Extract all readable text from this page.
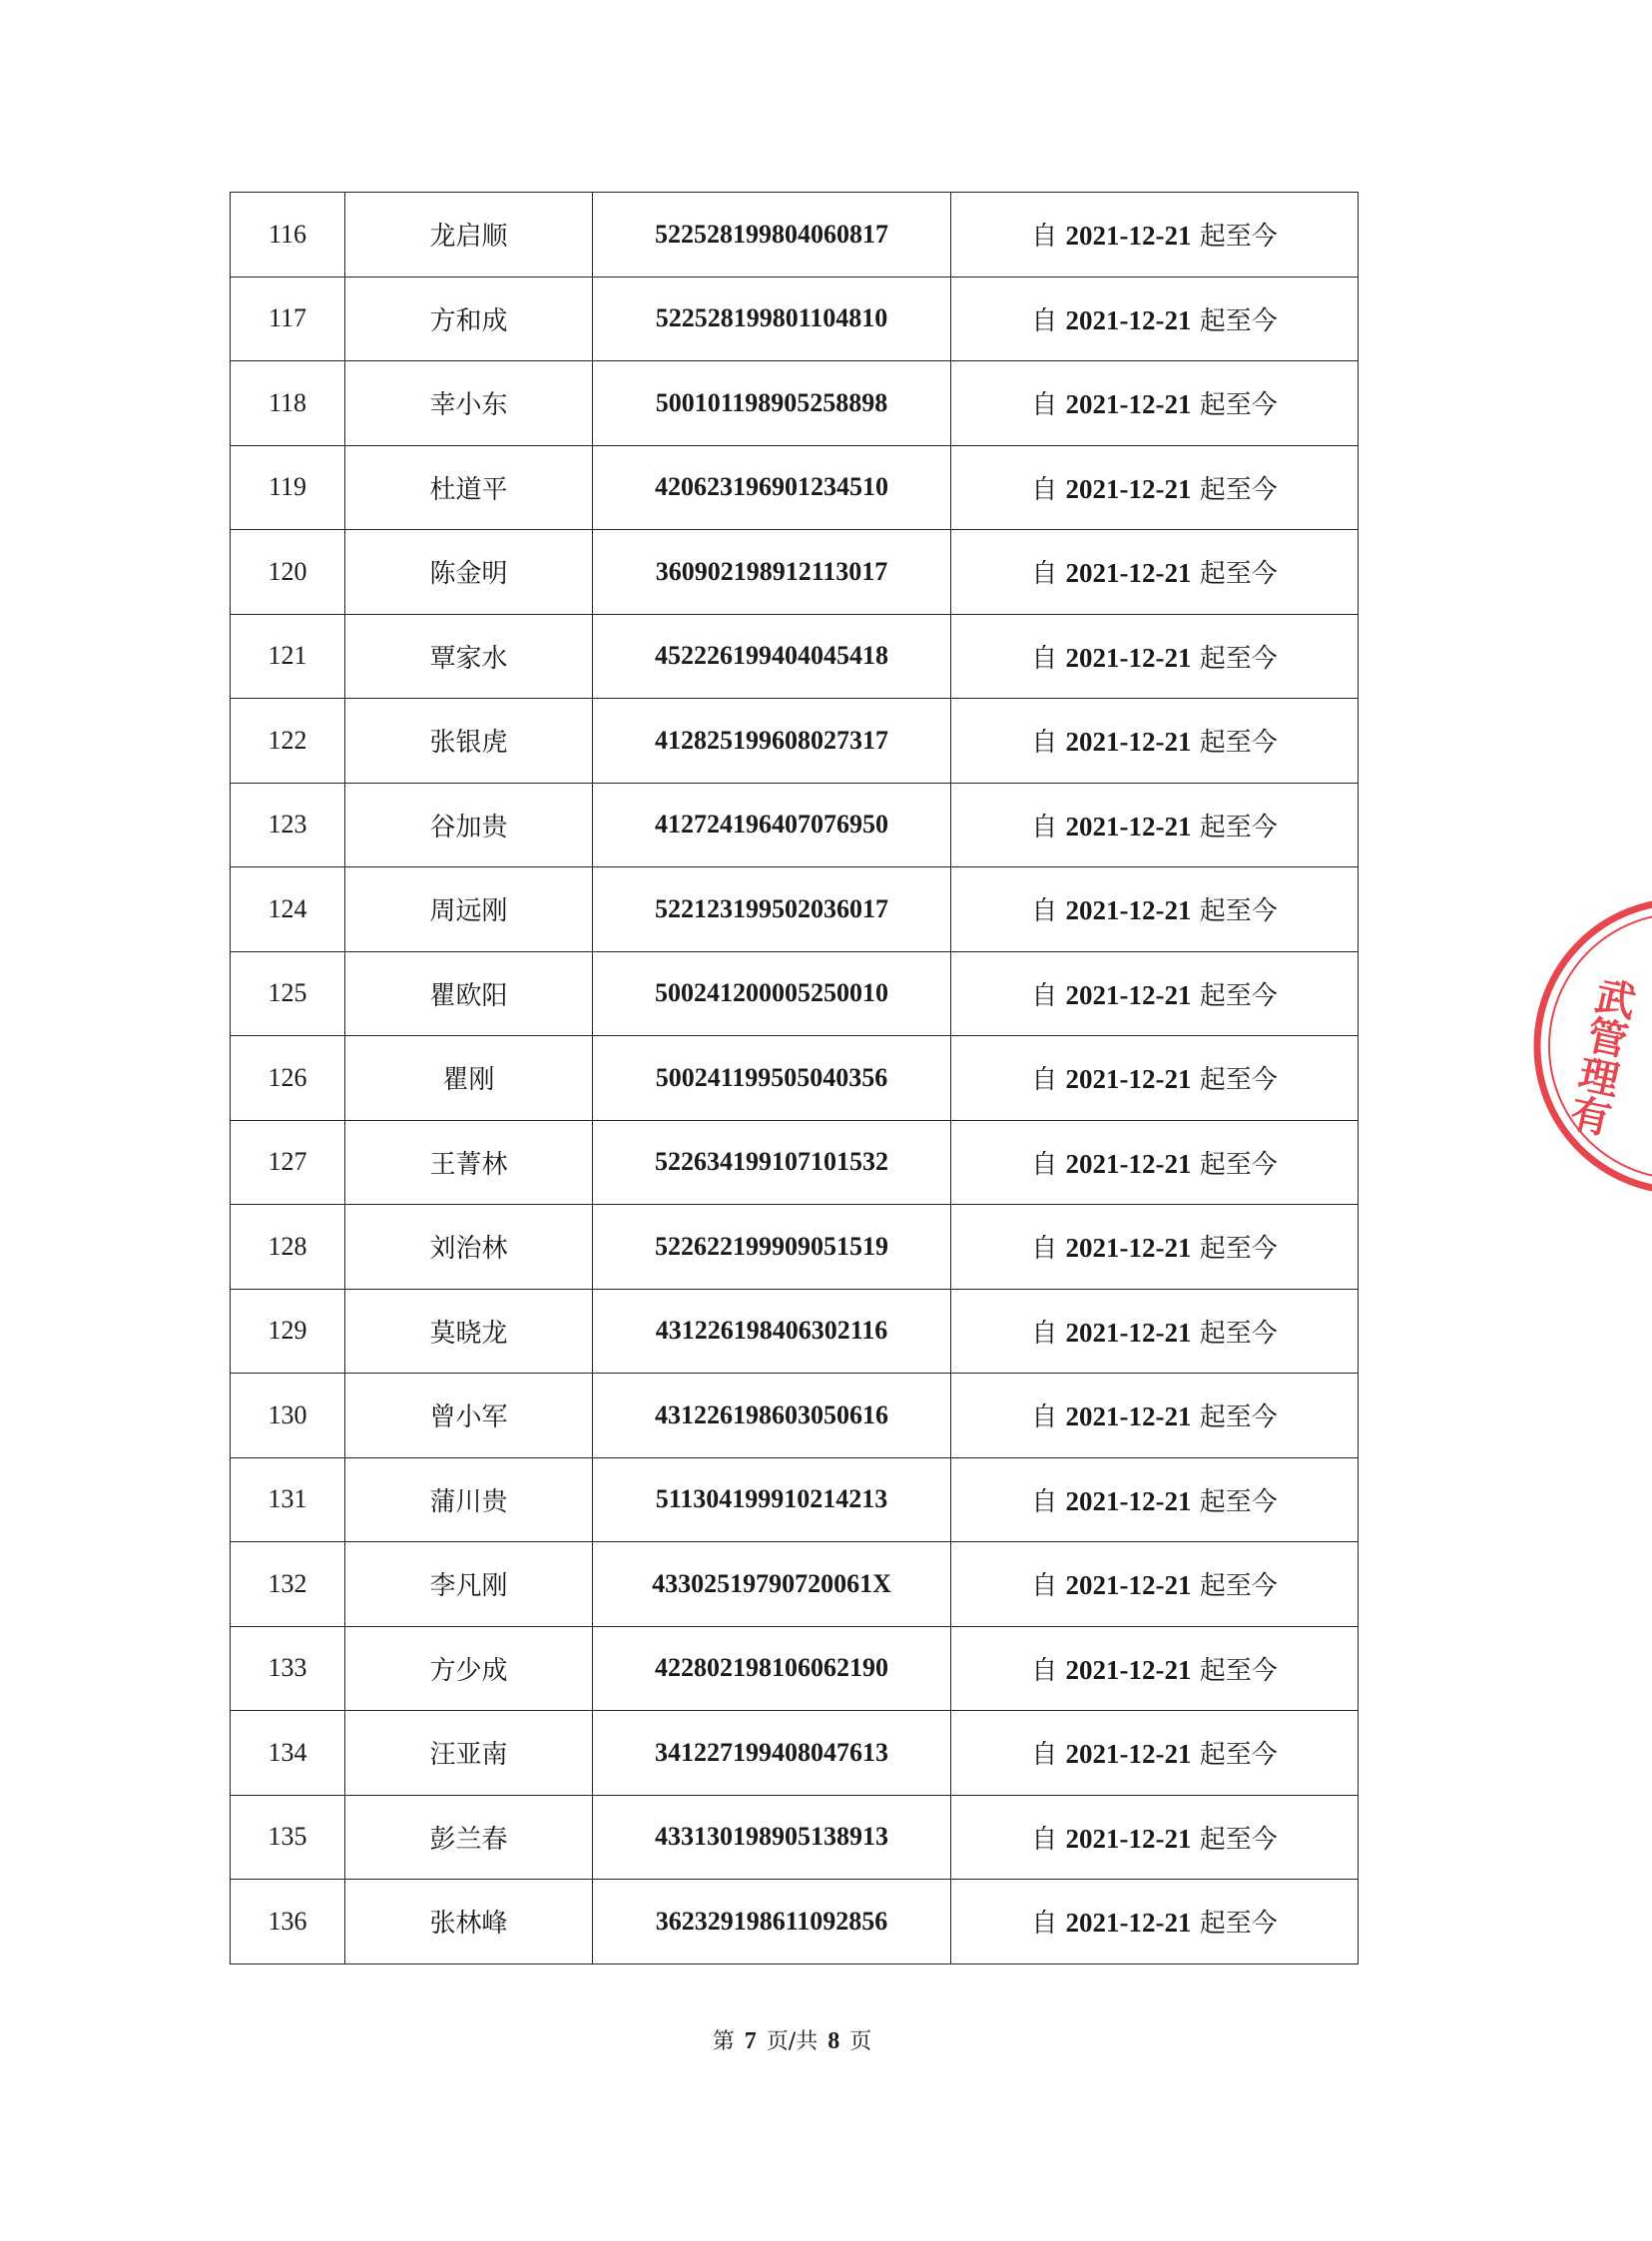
116	龙启顺	522528199804060817	自 2021-12-21 起至今
117	方和成	522528199801104810	自 2021-12-21 起至今
118	幸小东	500101198905258898	自 2021-12-21 起至今
119	杜道平	420623196901234510	自 2021-12-21 起至今
120	陈金明	360902198912113017	自 2021-12-21 起至今
121	覃家水	452226199404045418	自 2021-12-21 起至今
122	张银虎	412825199608027317	自 2021-12-21 起至今
123	谷加贵	412724196407076950	自 2021-12-21 起至今
124	周远刚	522123199502036017	自 2021-12-21 起至今
125	瞿欧阳	500241200005250010	自 2021-12-21 起至今
126	瞿刚	500241199505040356	自 2021-12-21 起至今
127	王菁林	522634199107101532	自 2021-12-21 起至今
128	刘治林	522622199909051519	自 2021-12-21 起至今
129	莫晓龙	431226198406302116	自 2021-12-21 起至今
130	曾小军	431226198603050616	自 2021-12-21 起至今
131	蒲川贵	511304199910214213	自 2021-12-21 起至今
132	李凡刚	43302519790720061X	自 2021-12-21 起至今
133	方少成	422802198106062190	自 2021-12-21 起至今
134	汪亚南	341227199408047613	自 2021-12-21 起至今
135	彭兰春	433130198905138913	自 2021-12-21 起至今
136	张林峰	362329198611092856	自 2021-12-21 起至今
第 7 页/共 8 页
武管理有
